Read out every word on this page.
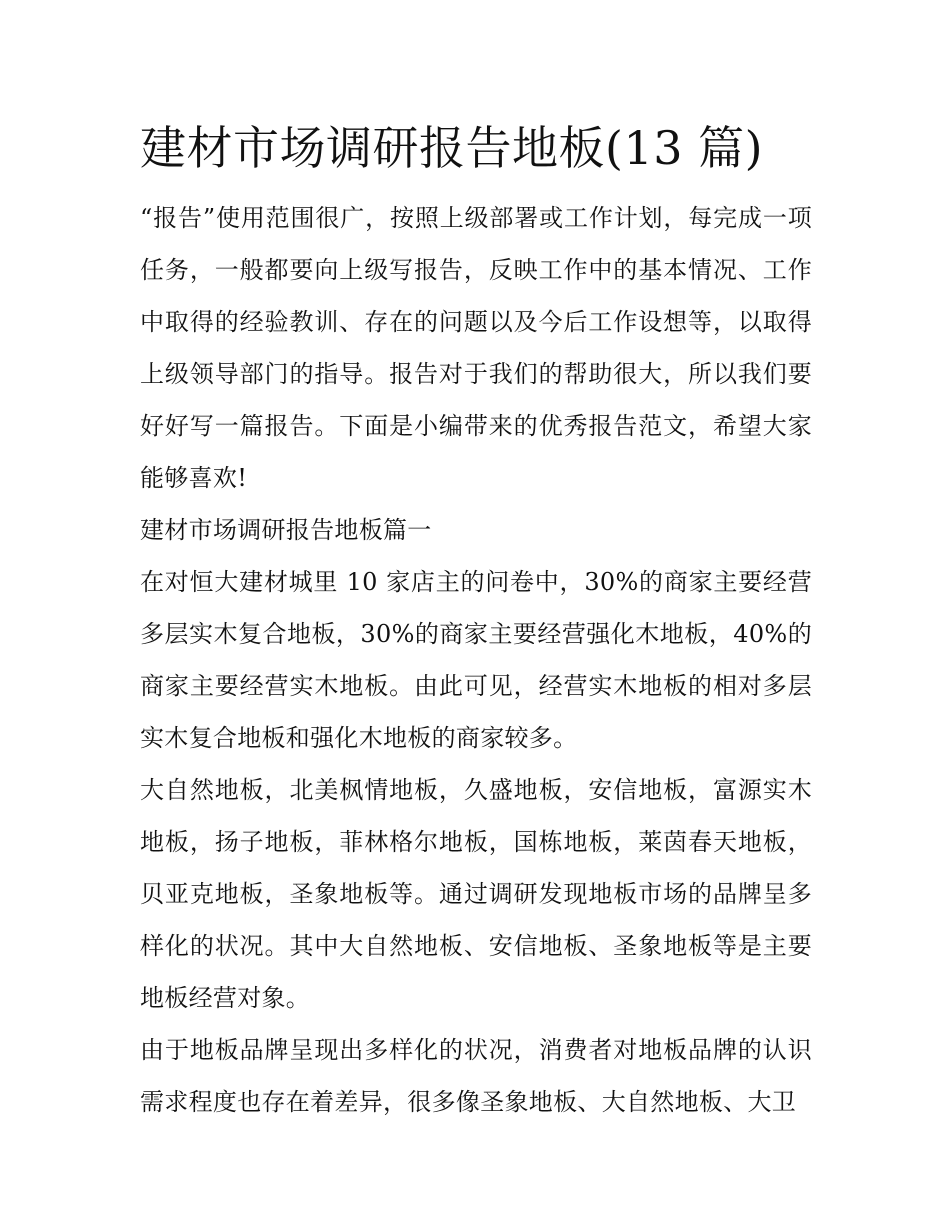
建材市场调研报告地板(13 篇)

“报告”使用范围很广，按照上级部署或工作计划，每完成一项任务，一般都要向上级写报告，反映工作中的基本情况、工作中取得的经验教训、存在的问题以及今后工作设想等，以取得上级领导部门的指导。报告对于我们的帮助很大，所以我们要好好写一篇报告。下面是小编带来的优秀报告范文，希望大家能够喜欢!

建材市场调研报告地板篇一

在对恒大建材城里 10 家店主的问卷中，30%的商家主要经营多层实木复合地板，30%的商家主要经营强化木地板，40%的商家主要经营实木地板。由此可见，经营实木地板的相对多层实木复合地板和强化木地板的商家较多。

大自然地板，北美枫情地板，久盛地板，安信地板，富源实木地板，扬子地板，菲林格尔地板，国栋地板，莱茵春天地板，贝亚克地板，圣象地板等。通过调研发现地板市场的品牌呈多样化的状况。其中大自然地板、安信地板、圣象地板等是主要地板经营对象。

由于地板品牌呈现出多样化的状况，消费者对地板品牌的认识需求程度也存在着差异，很多像圣象地板、大自然地板、大卫
